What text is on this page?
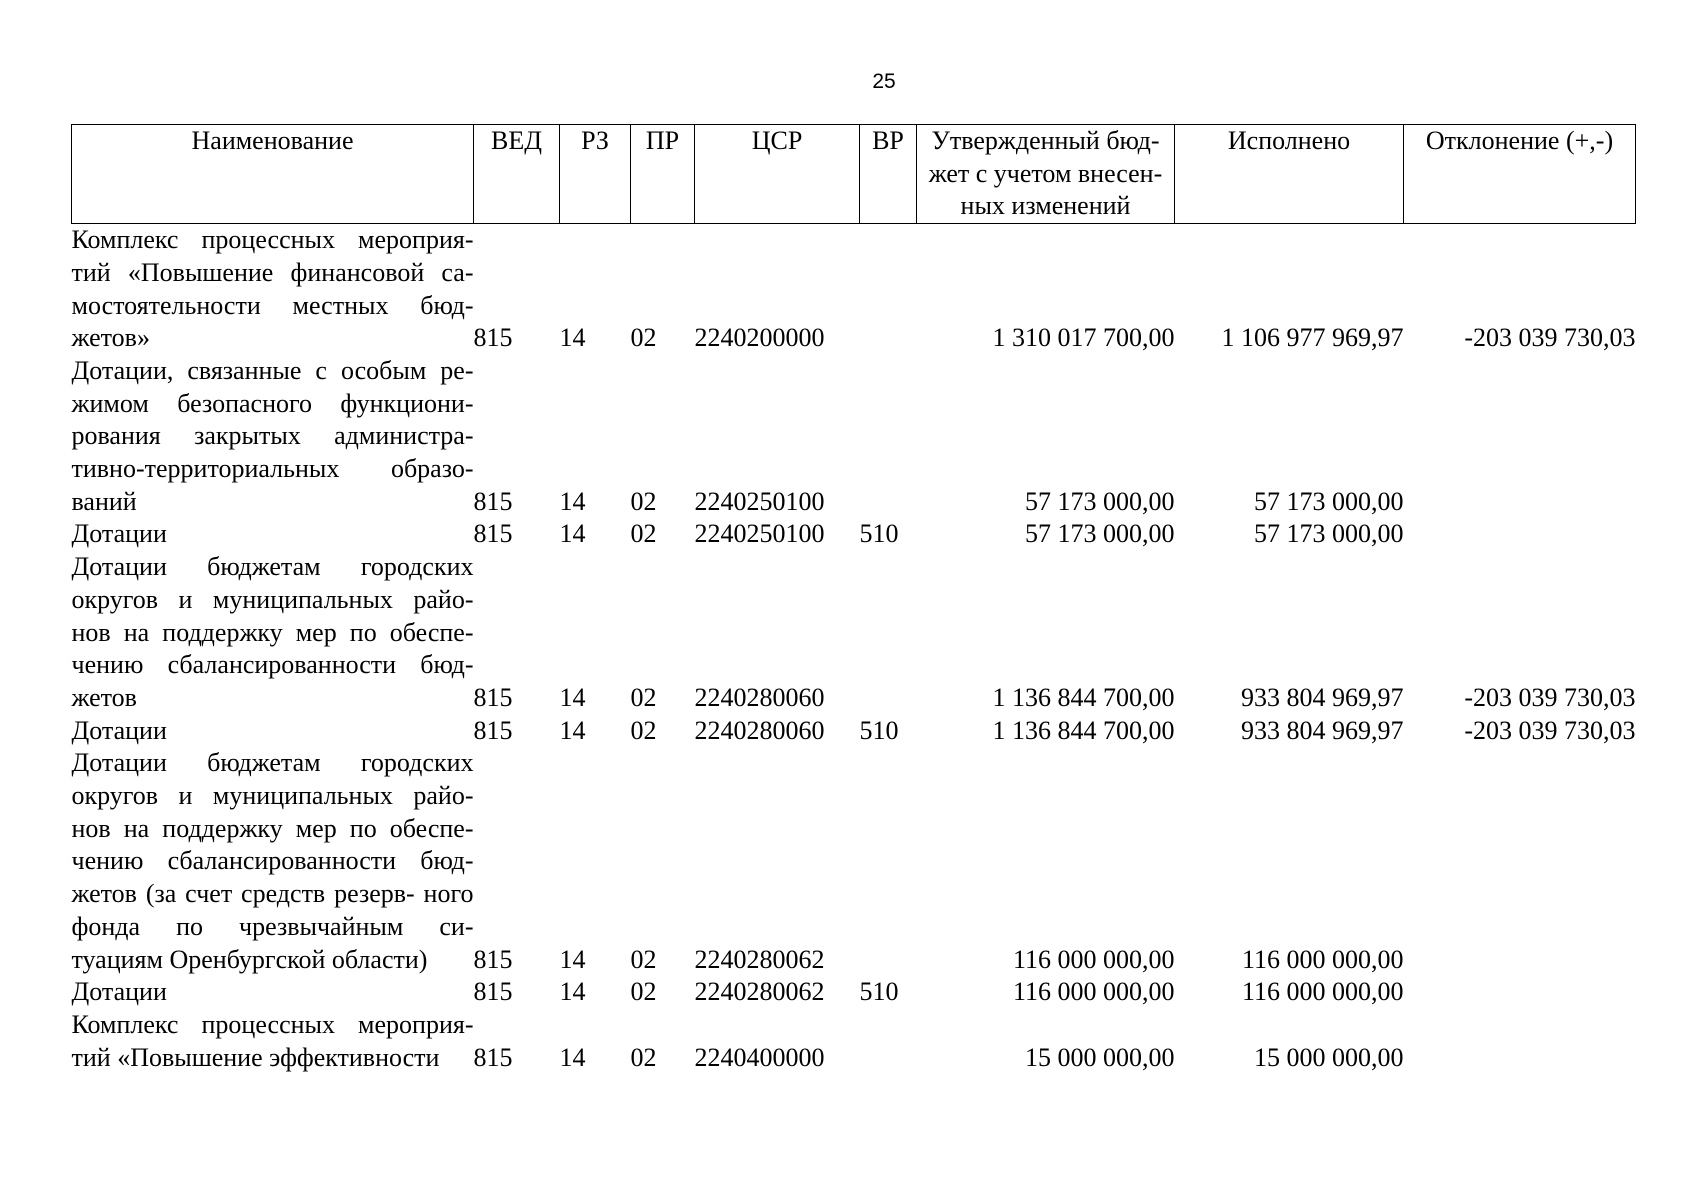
25
Наименование	ВЕД	РЗ	ПР	ЦСР	ВР	Утвержденный бюд- жет с учетом внесен- ных изменений	Исполнено	Отклонение (+,-)
Комплекс процессных мероприя- тий «Повышение финансовой са- мостоятельности местных бюд- жетов»	815	14	02	2240200000		1 310 017 700,00	1 106 977 969,97	-203 039 730,03
Дотации, связанные с особым ре- жимом безопасного функциони- рования закрытых администра- тивно-территориальных образо- ваний	815	14	02	2240250100		57 173 000,00	57 173 000,00	
Дотации	815	14	02	2240250100	510	57 173 000,00	57 173 000,00	
Дотации бюджетам городских округов и муниципальных райо- нов на поддержку мер по обеспе- чению сбалансированности бюд- жетов	815	14	02	2240280060		1 136 844 700,00	933 804 969,97	-203 039 730,03
Дотации	815	14	02	2240280060	510	1 136 844 700,00	933 804 969,97	-203 039 730,03
Дотации бюджетам городских округов и муниципальных райо- нов на поддержку мер по обеспе- чению сбалансированности бюд- жетов (за счет средств резерв- ного фонда по чрезвычайным си- туациям Оренбургской области)	815	14	02	2240280062		116 000 000,00	116 000 000,00	
Дотации	815	14	02	2240280062	510	116 000 000,00	116 000 000,00	
Комплекс процессных мероприя- тий «Повышение эффективности	815	14	02	2240400000		15 000 000,00	15 000 000,00	
